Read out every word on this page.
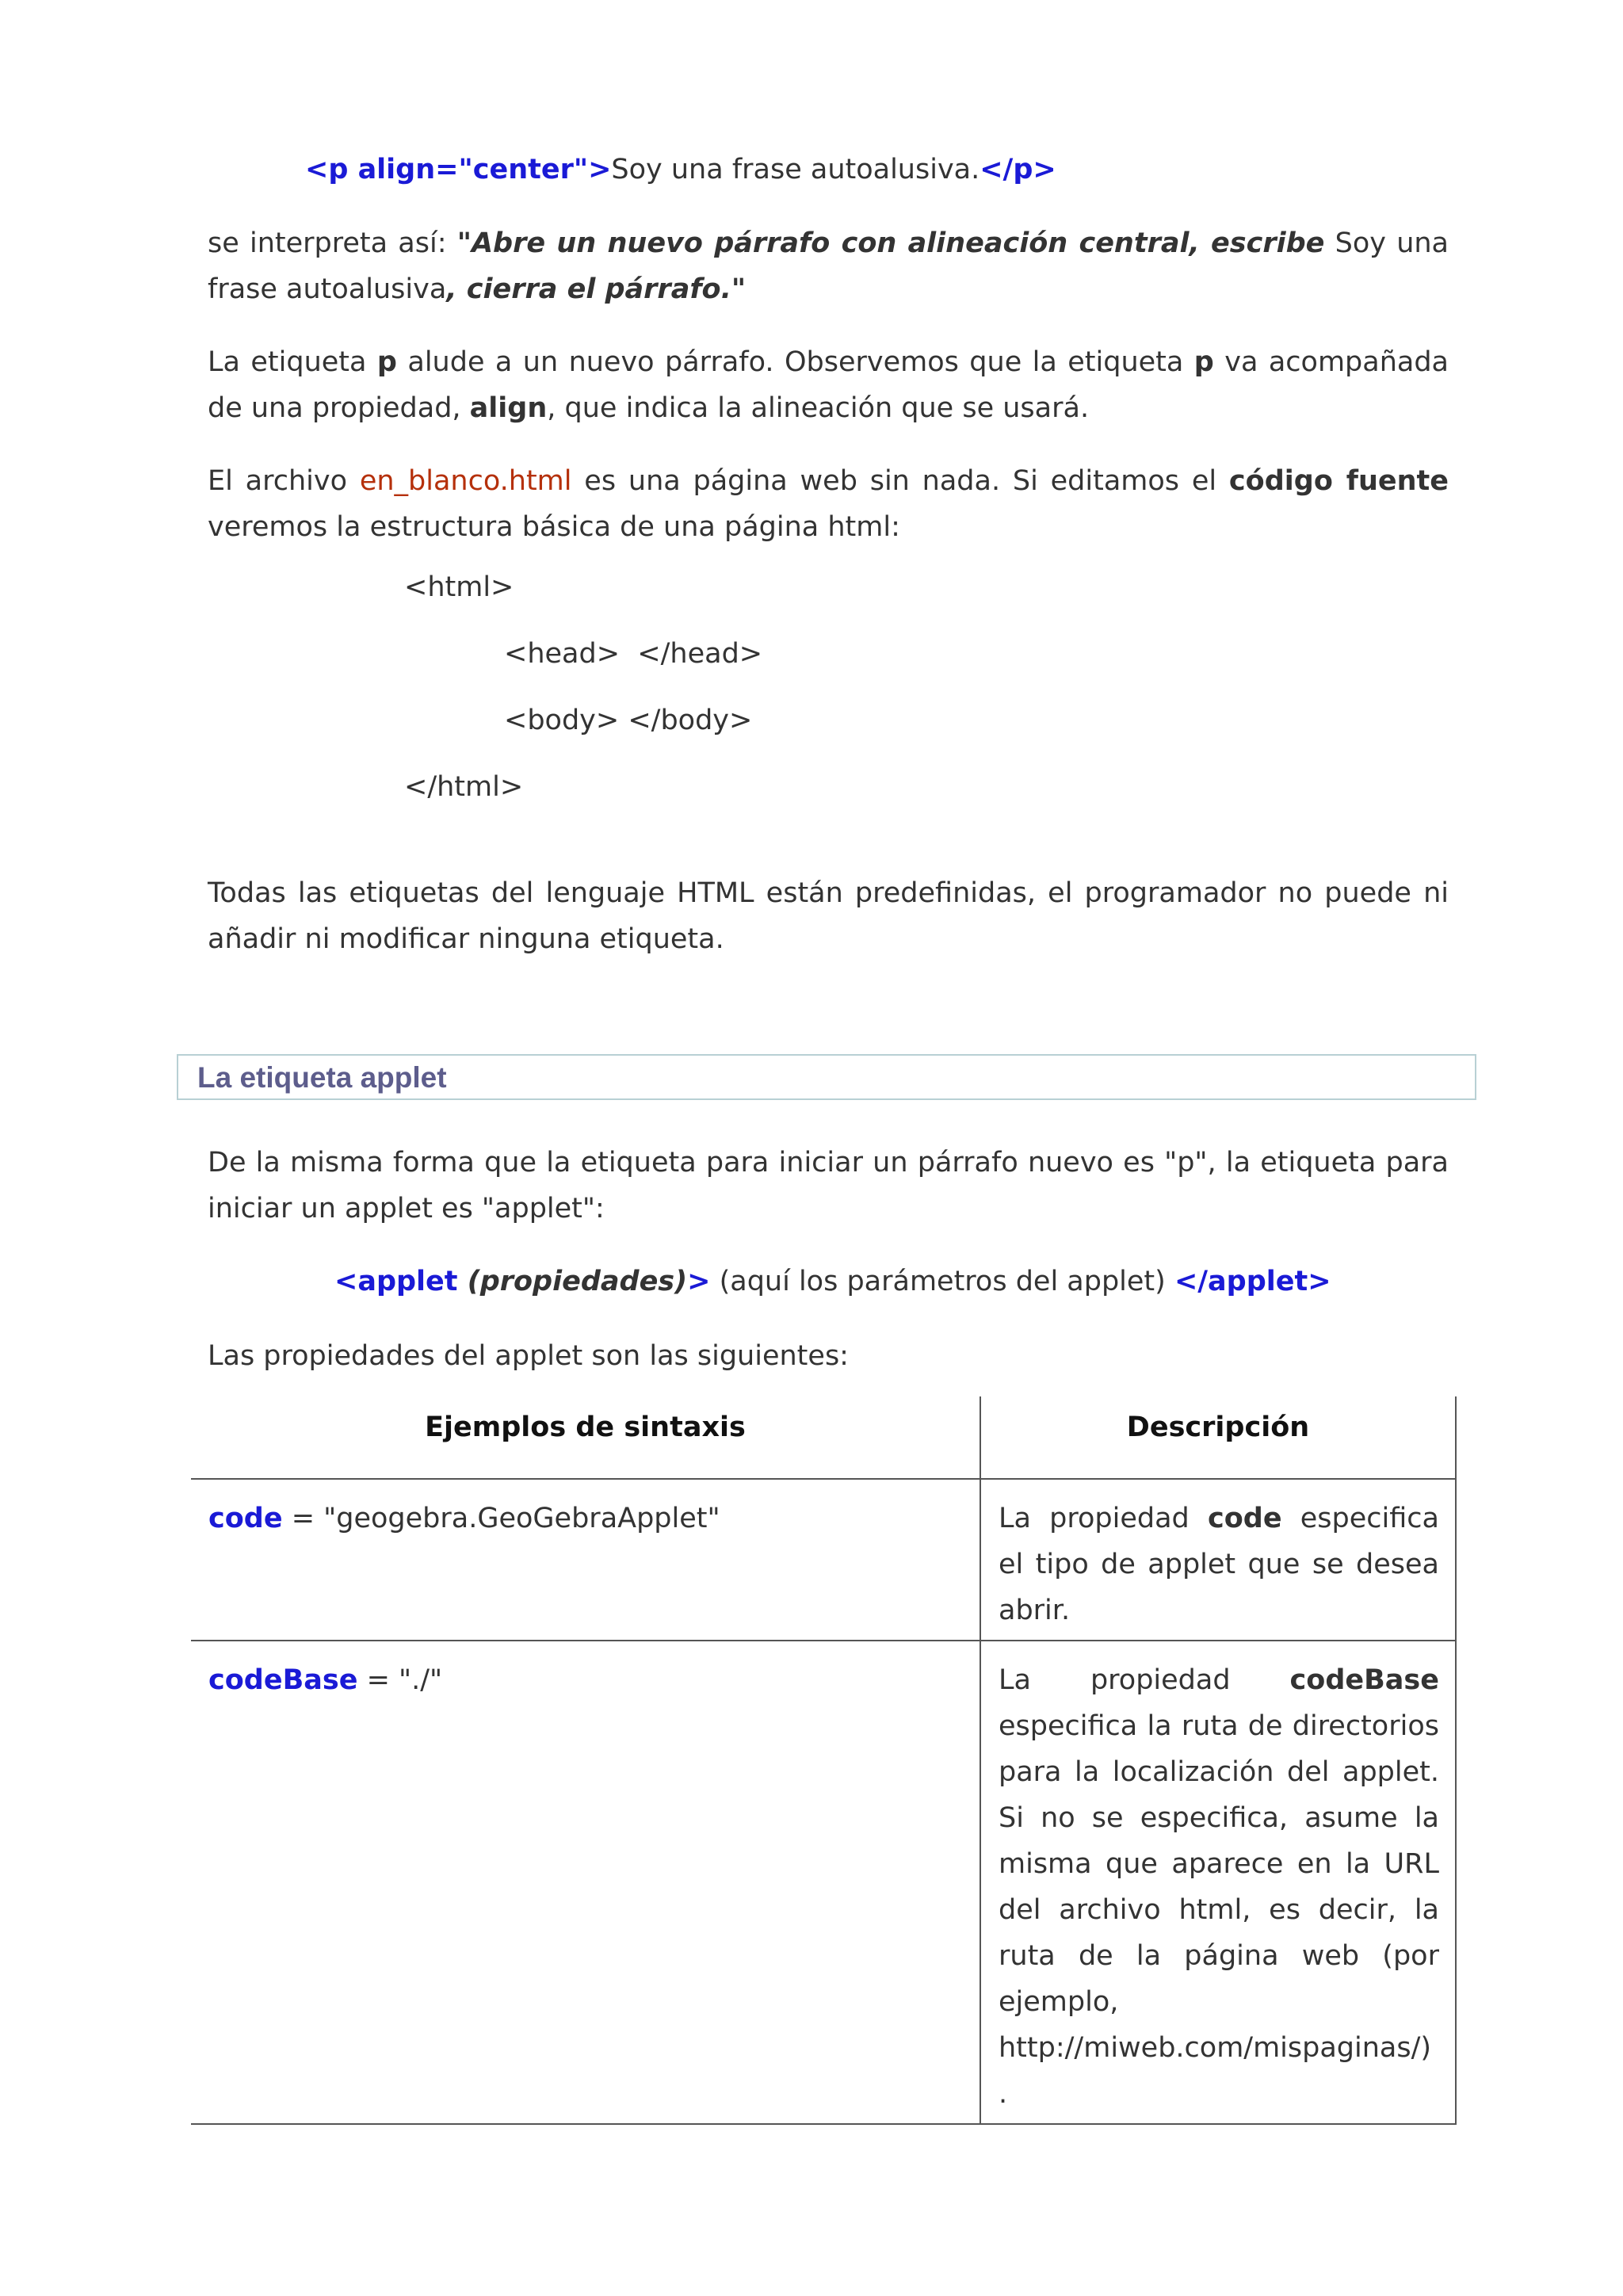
<p align="center">Soy una frase autoalusiva.</p>
se interpreta así: "Abre un nuevo párrafo con alineación central, escribe Soy una frase autoalusiva, cierra el párrafo."
La etiqueta p alude a un nuevo párrafo. Observemos que la etiqueta p va acompañada de una propiedad, align, que indica la alineación que se usará.
El archivo en_blanco.html es una página web sin nada. Si editamos el código fuente veremos la estructura básica de una página html:
<html>
<head>  </head>
<body> </body>
</html>
Todas las etiquetas del lenguaje HTML están predefinidas, el programador no puede ni añadir ni modificar ninguna etiqueta.
La etiqueta applet
De la misma forma que la etiqueta para iniciar un párrafo nuevo es "p", la etiqueta para iniciar un applet es "applet":
<applet (propiedades)> (aquí los parámetros del applet) </applet>
Las propiedades del applet son las siguientes:
Ejemplos de sintaxis	Descripción
code = "geogebra.GeoGebraApplet"	La propiedad code especifica el tipo de applet que se desea abrir.
codeBase = "./"	La propiedad codeBase especifica la ruta de directorios para la localización del applet. Si no se especifica, asume la misma que aparece en la URL del archivo html, es decir, la ruta de la página web (por ejemplo, http://miweb.com/mispaginas/).
